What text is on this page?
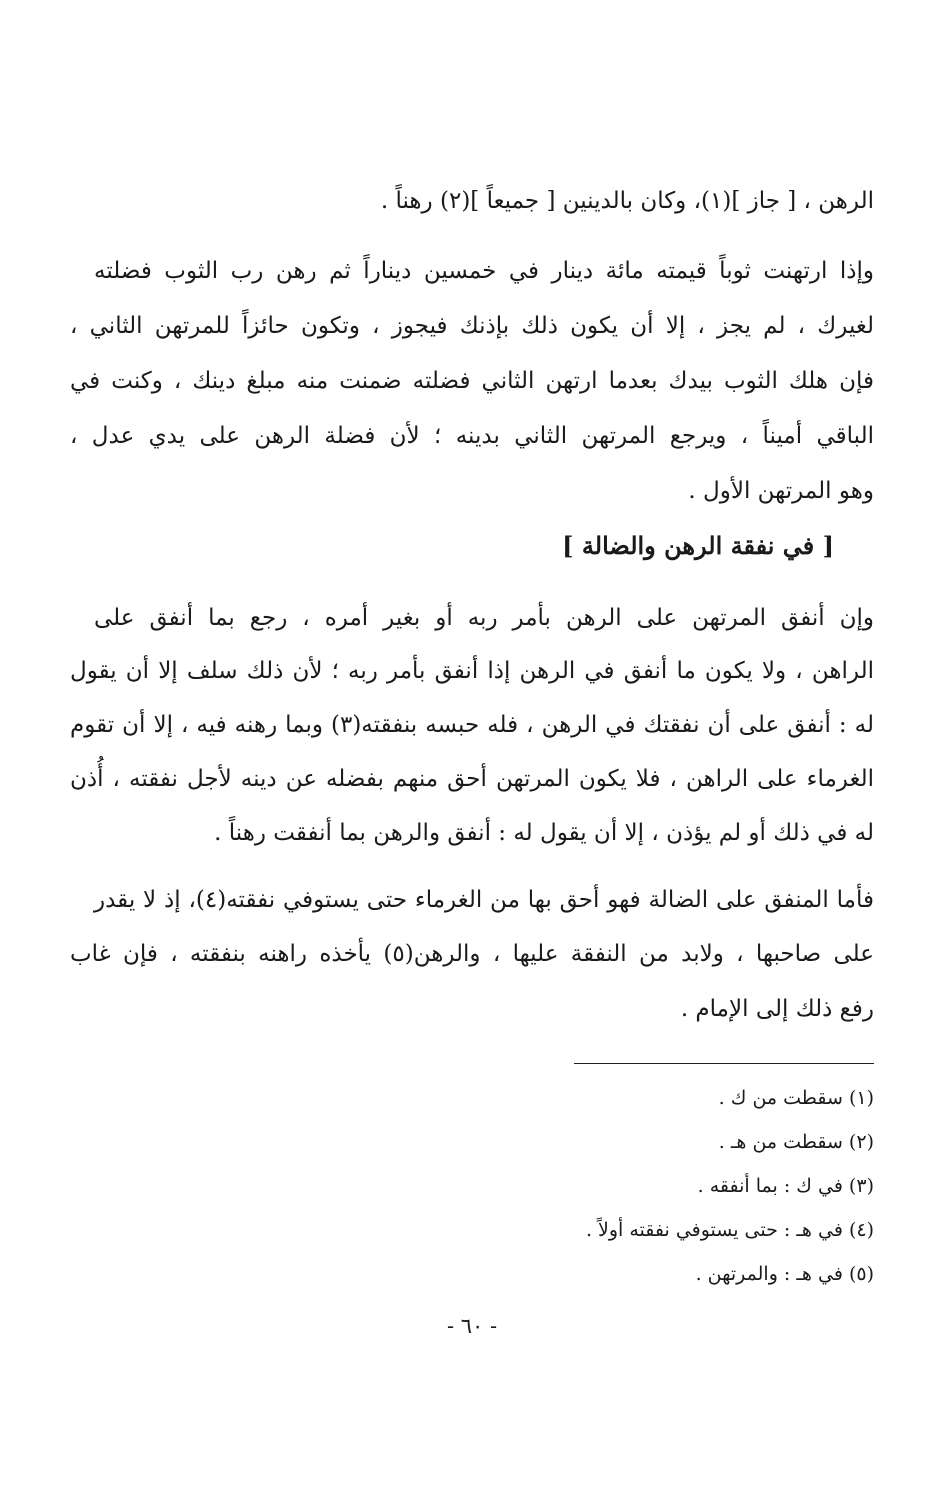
الرهن ، [ جاز ](١)، وكان بالدينين [ جميعاً ](٢) رهناً .
وإذا ارتهنت ثوباً قيمته مائة دينار في خمسين ديناراً ثم رهن رب الثوب فضلته
لغيرك ، لم يجز ، إلا أن يكون ذلك بإذنك فيجوز ، وتكون حائزاً للمرتهن الثاني ،
فإن هلك الثوب بيدك بعدما ارتهن الثاني فضلته ضمنت منه مبلغ دينك ، وكنت في
الباقي أميناً ، ويرجع المرتهن الثاني بدينه ؛ لأن فضلة الرهن على يدي عدل ،
وهو المرتهن الأول .
[ في نفقة الرهن والضالة ]
وإن أنفق المرتهن على الرهن بأمر ربه أو بغير أمره ، رجع بما أنفق على
الراهن ، ولا يكون ما أنفق في الرهن إذا أنفق بأمر ربه ؛ لأن ذلك سلف إلا أن يقول
له : أنفق على أن نفقتك في الرهن ، فله حبسه بنفقته(٣) وبما رهنه فيه ، إلا أن تقوم
الغرماء على الراهن ، فلا يكون المرتهن أحق منهم بفضله عن دينه لأجل نفقته ، أُذن
له في ذلك أو لم يؤذن ، إلا أن يقول له : أنفق والرهن بما أنفقت رهناً .
فأما المنفق على الضالة فهو أحق بها من الغرماء حتى يستوفي نفقته(٤)، إذ لا يقدر
على صاحبها ، ولابد من النفقة عليها ، والرهن(٥) يأخذه راهنه بنفقته ، فإن غاب
رفع ذلك إلى الإمام .
(١) سقطت من ك .
(٢) سقطت من هـ .
(٣) في ك : بما أنفقه .
(٤) في هـ : حتى يستوفي نفقته أولاً .
(٥) في هـ : والمرتهن .
- ٦٠ -
